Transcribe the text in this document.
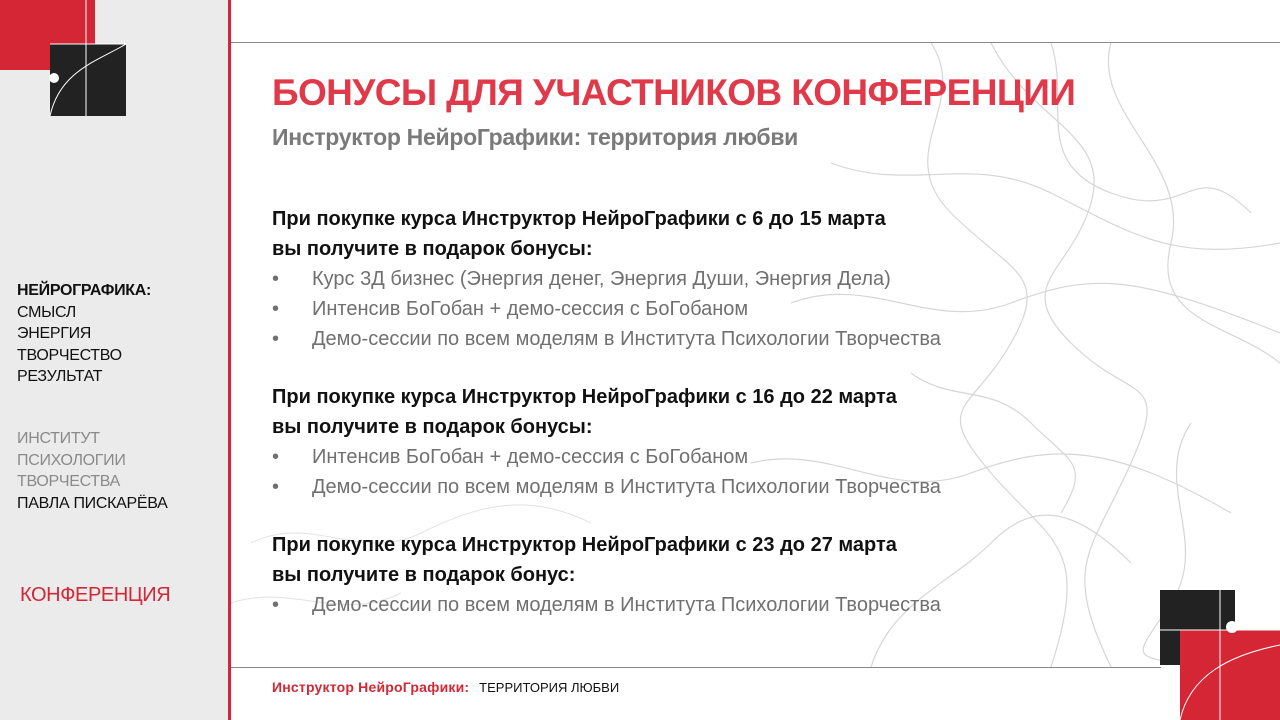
НЕЙРОГРАФИКА:
СМЫСЛ
ЭНЕРГИЯ
ТВОРЧЕСТВО
РЕЗУЛЬТАТ
ИНСТИТУТ
ПСИХОЛОГИИ
ТВОРЧЕСТВА
ПАВЛА ПИСКАРЁВА
КОНФЕРЕНЦИЯ
БОНУСЫ ДЛЯ УЧАСТНИКОВ КОНФЕРЕНЦИИ
Инструктор НейроГрафики: территория любви
При покупке курса Инструктор НейроГрафики с 6 до 15 марта
вы получите в подарок бонусы:
• Курс 3Д бизнес (Энергия денег, Энергия Души, Энергия Дела)
• Интенсив БоГобан + демо-сессия с БоГобаном
• Демо-сессии по всем моделям в Института Психологии Творчества
При покупке курса Инструктор НейроГрафики с 16 до 22 марта
вы получите в подарок бонусы:
• Интенсив БоГобан + демо-сессия с БоГобаном
• Демо-сессии по всем моделям в Института Психологии Творчества
При покупке курса Инструктор НейроГрафики с 23 до 27 марта
вы получите в подарок бонус:
• Демо-сессии по всем моделям в Института Психологии Творчества
Инструктор НейроГрафики: ТЕРРИТОРИЯ ЛЮБВИ
